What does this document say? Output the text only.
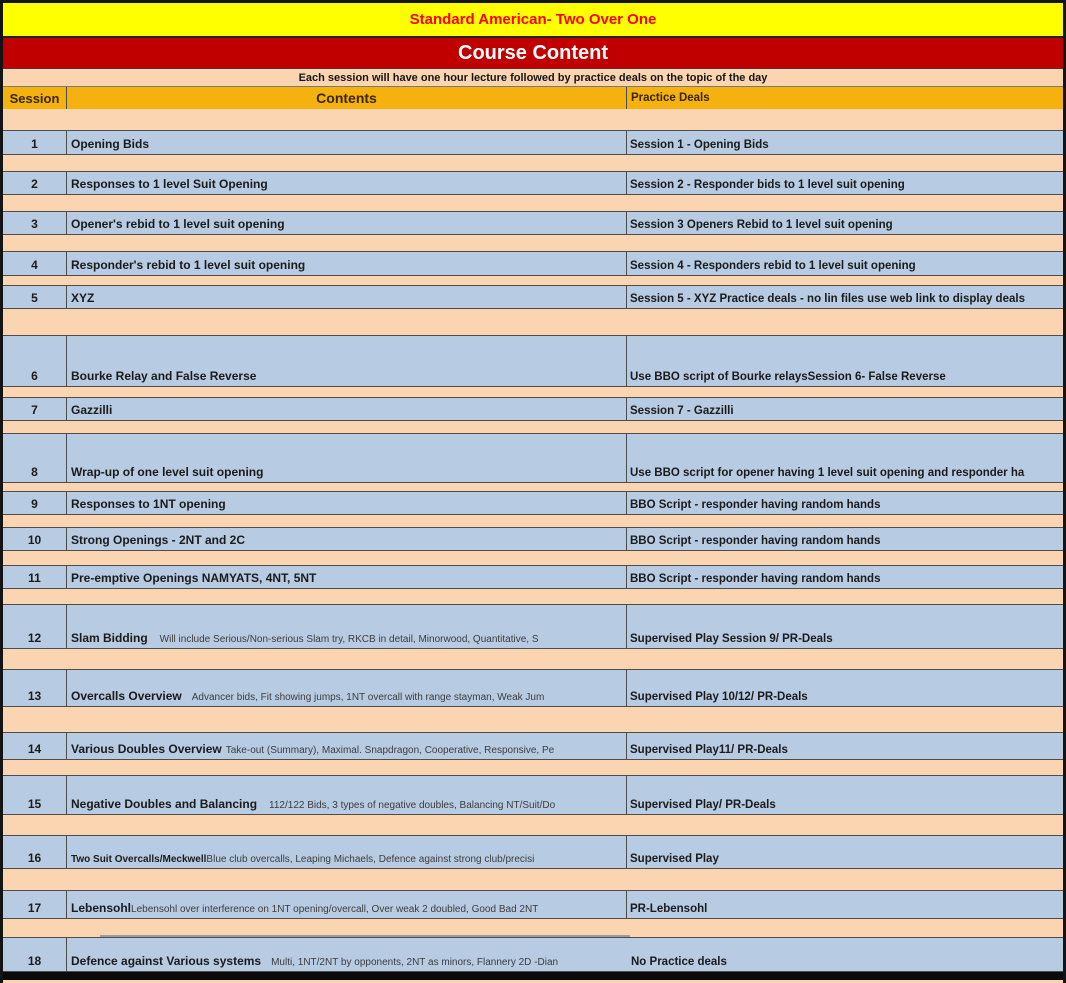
Standard American- Two Over One
Course Content
Each session will have one hour lecture followed by practice deals on the topic of the day
Session	Contents	Practice Deals
1	Opening Bids	Session 1 - Opening Bids
2	Responses to 1 level Suit Opening	Session 2 - Responder bids to 1 level suit opening
3	Opener's rebid to 1 level suit opening	Session 3 Openers Rebid to 1 level suit opening
4	Responder's rebid to 1 level suit opening	Session 4 - Responders rebid to 1 level suit opening
5	XYZ	Session 5 - XYZ Practice deals - no lin files use web link to display deals
6	Bourke Relay and False Reverse	Use BBO script of Bourke relaysSession 6- False Reverse
7	Gazzilli	Session 7 - Gazzilli
8	Wrap-up of one level suit opening	Use BBO script for opener having 1 level suit opening and responder ha
9	Responses to 1NT opening	BBO Script - responder having random hands
10	Strong Openings - 2NT and 2C	BBO Script - responder having random hands
11	Pre-emptive Openings NAMYATS, 4NT, 5NT	BBO Script - responder having random hands
12	Slam Bidding Will include Serious/Non-serious Slam try, RKCB in detail, Minorwood, Quantitative, S	Supervised Play Session 9/ PR-Deals
13	Overcalls Overview Advancer bids, Fit showing jumps, 1NT overcall with range stayman, Weak Jum	Supervised Play 10/12/ PR-Deals
14	Various Doubles Overview Take-out (Summary), Maximal. Snapdragon, Cooperative, Responsive, Pe	Supervised Play11/ PR-Deals
15	Negative Doubles and Balancing 112/122 Bids, 3 types of negative doubles, Balancing NT/Suit/Do	Supervised Play/ PR-Deals
16	Two Suit Overcalls/Meckwell Blue club overcalls, Leaping Michaels, Defence against strong club/precisi	Supervised Play
17	Lebensohl Lebensohl over interference on 1NT opening/overcall, Over weak 2 doubled, Good Bad 2NT	PR-Lebensohl
18	Defence against Various systems Multi, 1NT/2NT by opponents, 2NT as minors, Flannery 2D -Dian	No Practice deals
